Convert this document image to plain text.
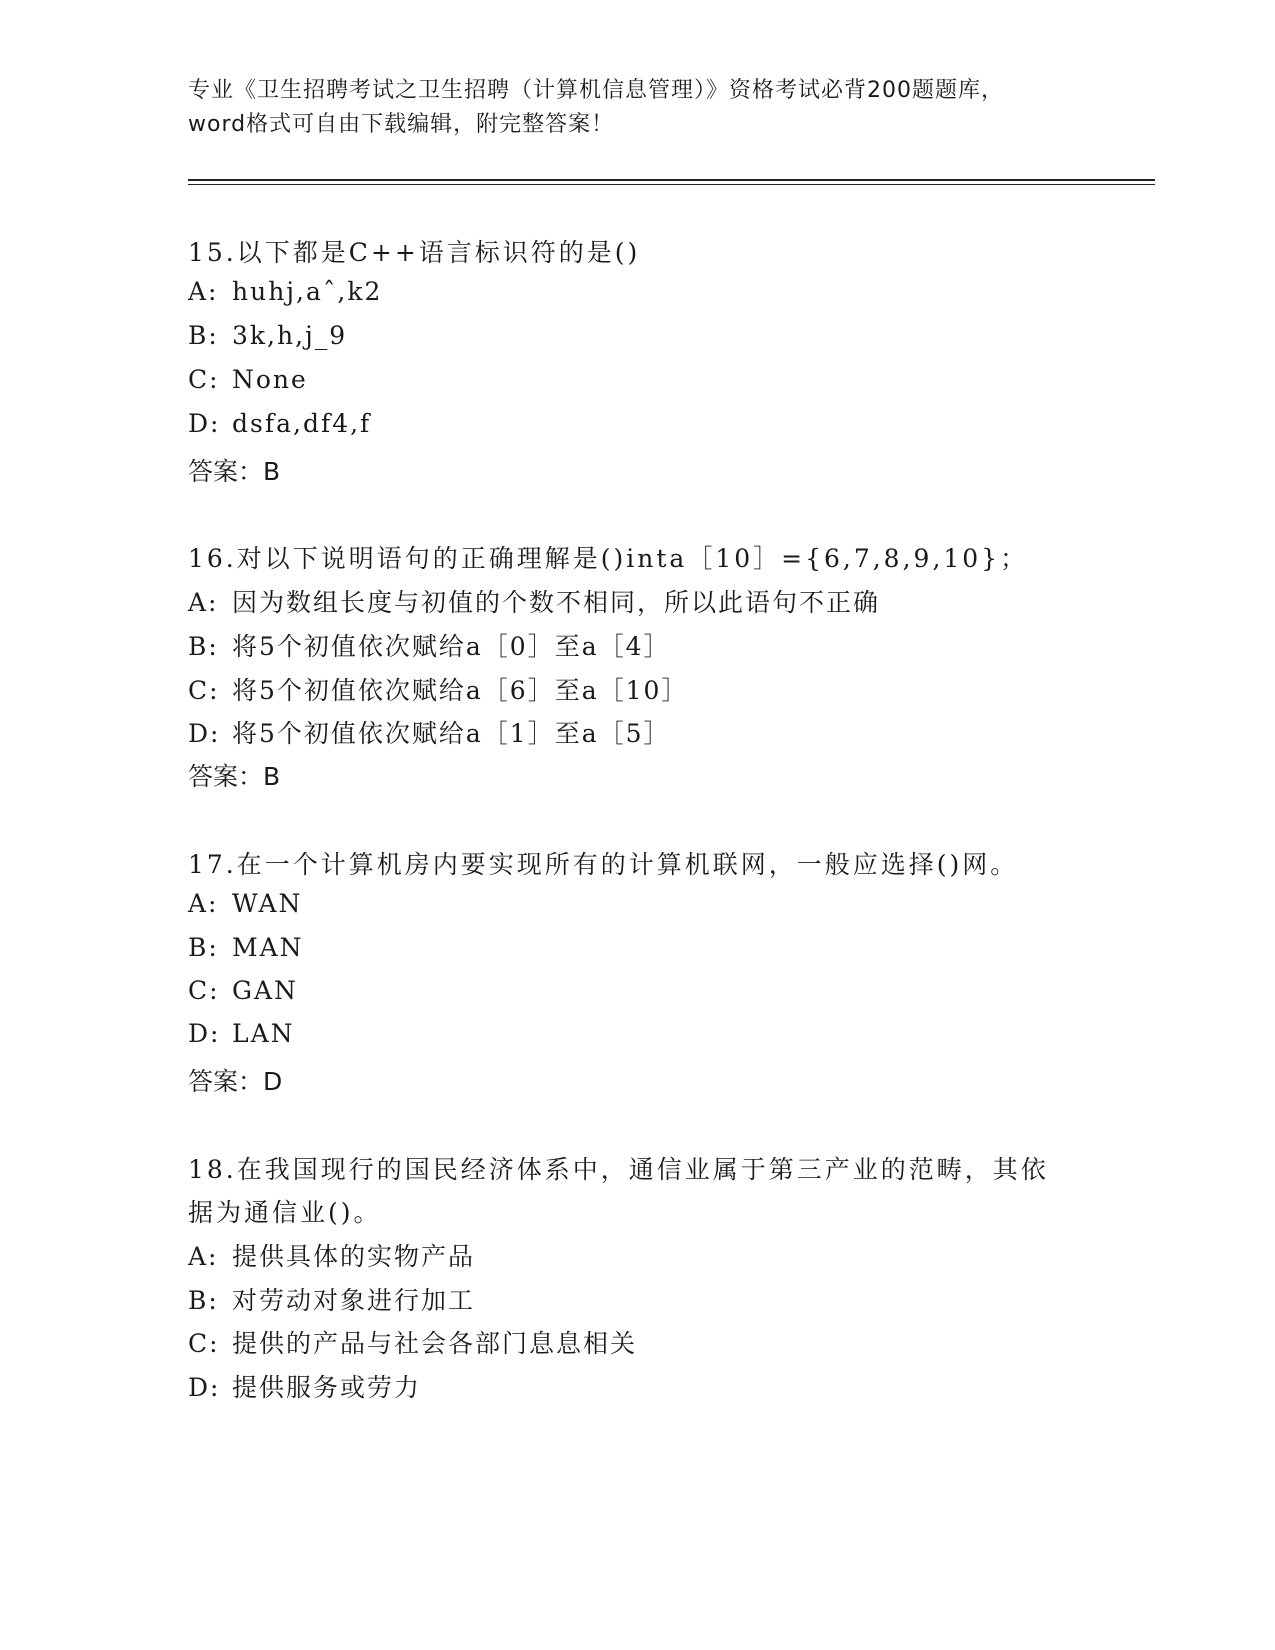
专业《卫生招聘考试之卫生招聘（计算机信息管理）》资格考试必背200题题库，
word格式可自由下载编辑，附完整答案！
15.以下都是C++语言标识符的是()
A: huhj,aˆ,k2
B: 3k,h,j_9
C: None
D: dsfa,df4,f
答案：B
16.对以下说明语句的正确理解是()inta［10］={6,7,8,9,10}；
A: 因为数组长度与初值的个数不相同，所以此语句不正确
B: 将5个初值依次赋给a［0］至a［4］
C: 将5个初值依次赋给a［6］至a［10］
D: 将5个初值依次赋给a［1］至a［5］
答案：B
17.在一个计算机房内要实现所有的计算机联网，一般应选择()网。
A: WAN
B: MAN
C: GAN
D: LAN
答案：D
18.在我国现行的国民经济体系中，通信业属于第三产业的范畴，其依
据为通信业()。
A: 提供具体的实物产品
B: 对劳动对象进行加工
C: 提供的产品与社会各部门息息相关
D: 提供服务或劳力
